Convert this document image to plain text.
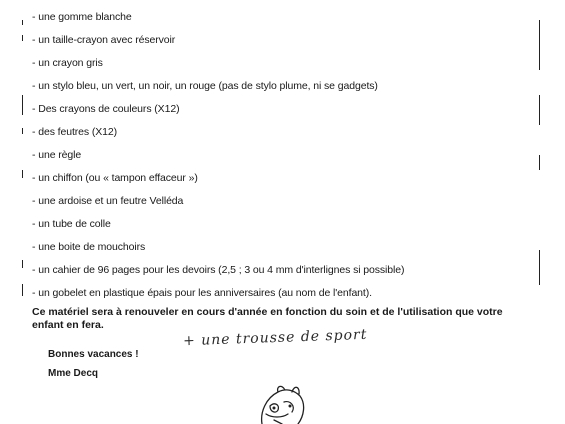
- une gomme blanche
- un taille-crayon avec réservoir
- un crayon gris
- un stylo bleu, un vert, un noir, un rouge (pas de stylo plume, ni se gadgets)
- Des crayons de couleurs (X12)
- des feutres (X12)
- une règle
- un chiffon (ou « tampon effaceur »)
- une ardoise et un feutre Velléda
- un tube de colle
- une boite de mouchoirs
- un cahier de 96 pages pour les devoirs (2,5 ; 3 ou 4 mm d'interlignes si possible)
- un gobelet en plastique épais pour les anniversaires (au nom de l'enfant).
Ce matériel sera à renouveler en cours d'année en fonction du soin et de l'utilisation que votre enfant en fera.
Bonnes vacances !
Mme Decq
+ une trousse de sport
